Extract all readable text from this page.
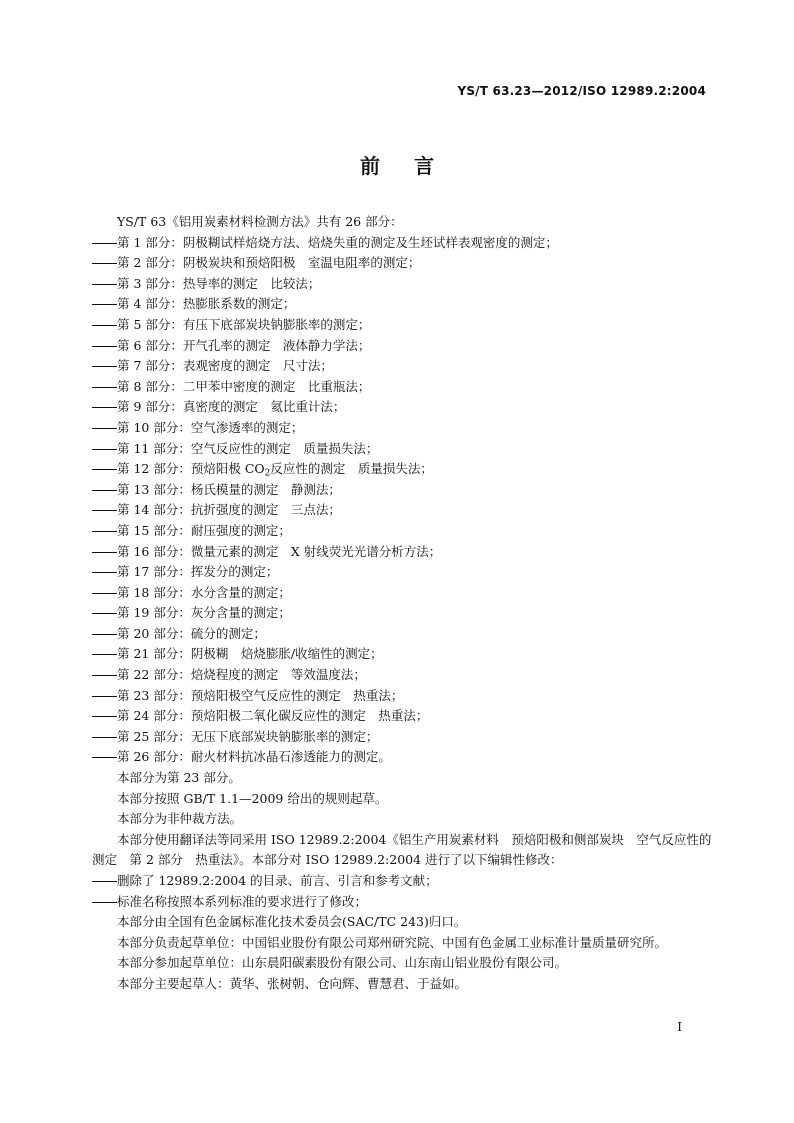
YS/T 63.23—2012/ISO 12989.2:2004
前言
YS/T 63《铝用炭素材料检测方法》共有 26 部分：
第 1 部分：阴极糊试样焙烧方法、焙烧失重的测定及生坯试样表观密度的测定；
第 2 部分：阴极炭块和预焙阳极　室温电阻率的测定；
第 3 部分：热导率的测定　比较法；
第 4 部分：热膨胀系数的测定；
第 5 部分：有压下底部炭块钠膨胀率的测定；
第 6 部分：开气孔率的测定　液体静力学法；
第 7 部分：表观密度的测定　尺寸法；
第 8 部分：二甲苯中密度的测定　比重瓶法；
第 9 部分：真密度的测定　氦比重计法；
第 10 部分：空气渗透率的测定；
第 11 部分：空气反应性的测定　质量损失法；
第 12 部分：预焙阳极 $CO_2$反应性的测定　质量损失法；
第 13 部分：杨氏模量的测定　静测法；
第 14 部分：抗折强度的测定　三点法；
第 15 部分：耐压强度的测定；
第 16 部分：微量元素的测定　X 射线荧光光谱分析方法；
第 17 部分：挥发分的测定；
第 18 部分：水分含量的测定；
第 19 部分：灰分含量的测定；
第 20 部分：硫分的测定；
第 21 部分：阴极糊　焙烧膨胀/收缩性的测定；
第 22 部分：焙烧程度的测定　等效温度法；
第 23 部分：预焙阳极空气反应性的测定　热重法；
第 24 部分：预焙阳极二氧化碳反应性的测定　热重法；
第 25 部分：无压下底部炭块钠膨胀率的测定；
第 26 部分：耐火材料抗冰晶石渗透能力的测定。
本部分为第 23 部分。
本部分按照 GB/T 1.1—2009 给出的规则起草。
本部分为非仲裁方法。
本部分使用翻译法等同采用 ISO 12989.2:2004《铝生产用炭素材料　预焙阳极和侧部炭块　空气反应性的测定　第 2 部分　热重法》。本部分对 ISO 12989.2:2004 进行了以下编辑性修改：
删除了 12989.2:2004 的目录、前言、引言和参考文献；
标准名称按照本系列标准的要求进行了修改；
本部分由全国有色金属标准化技术委员会(SAC/TC 243)归口。
本部分负责起草单位：中国铝业股份有限公司郑州研究院、中国有色金属工业标准计量质量研究所。
本部分参加起草单位：山东晨阳碳素股份有限公司、山东南山铝业股份有限公司。
本部分主要起草人：黄华、张树朝、仓向辉、曹慧君、于益如。
I
